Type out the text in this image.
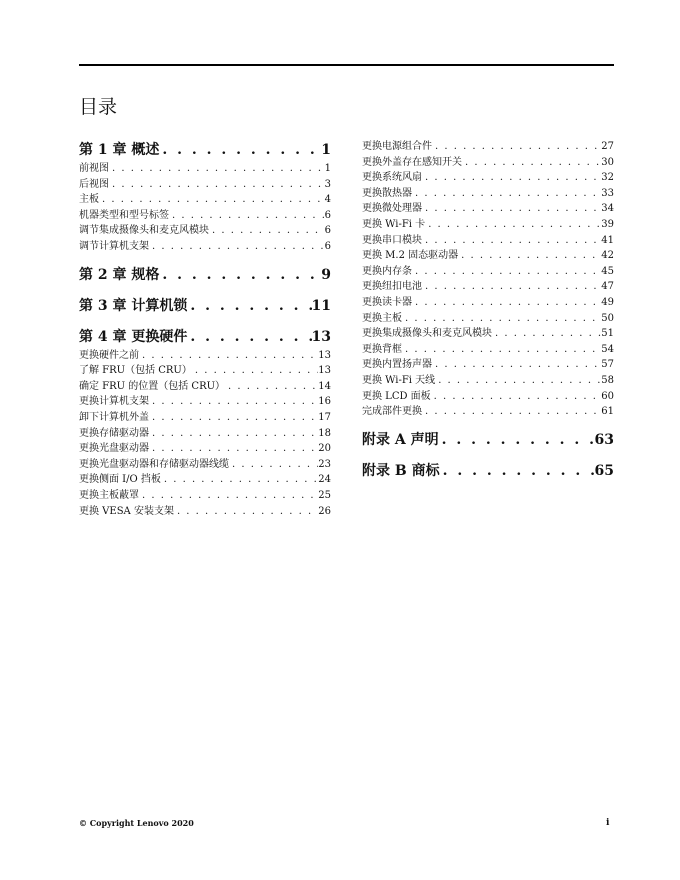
目录
第 1 章 概述 . . .	1
前视图 . . .	1
后视图 . . .	3
主板 . . .	4
机器类型和型号标签 . . .	6
调节集成摄像头和麦克风模块 . . .	6
调节计算机支架 . . .	6
第 2 章 规格 . . .	9
第 3 章 计算机锁 . . .	11
第 4 章 更换硬件 . . .	13
更换硬件之前 . . .	13
了解 FRU（包括 CRU） . . .	13
确定 FRU 的位置（包括 CRU） . . .	14
更换计算机支架 . . .	16
卸下计算机外盖 . . .	17
更换存储驱动器 . . .	18
更换光盘驱动器 . . .	20
更换光盘驱动器和存储驱动器线缆 . . .	23
更换侧面 I/O 挡板 . . .	24
更换主板蔽罩 . . .	25
更换 VESA 安装支架 . . .	26
更换电源组合件 . . .	27
更换外盖存在感知开关 . . .	30
更换系统风扇 . . .	32
更换散热器 . . .	33
更换微处理器 . . .	34
更换 Wi-Fi 卡 . . .	39
更换串口模块 . . .	41
更换 M.2 固态驱动器 . . .	42
更换内存条 . . .	45
更换纽扣电池 . . .	47
更换读卡器 . . .	49
更换主板 . . .	50
更换集成摄像头和麦克风模块 . . .	51
更换背框 . . .	54
更换内置扬声器 . . .	57
更换 Wi-Fi 天线 . . .	58
更换 LCD 面板 . . .	60
完成部件更换 . . .	61
附录 A 声明 . . .	63
附录 B 商标 . . .	65
© Copyright Lenovo 2020	i
